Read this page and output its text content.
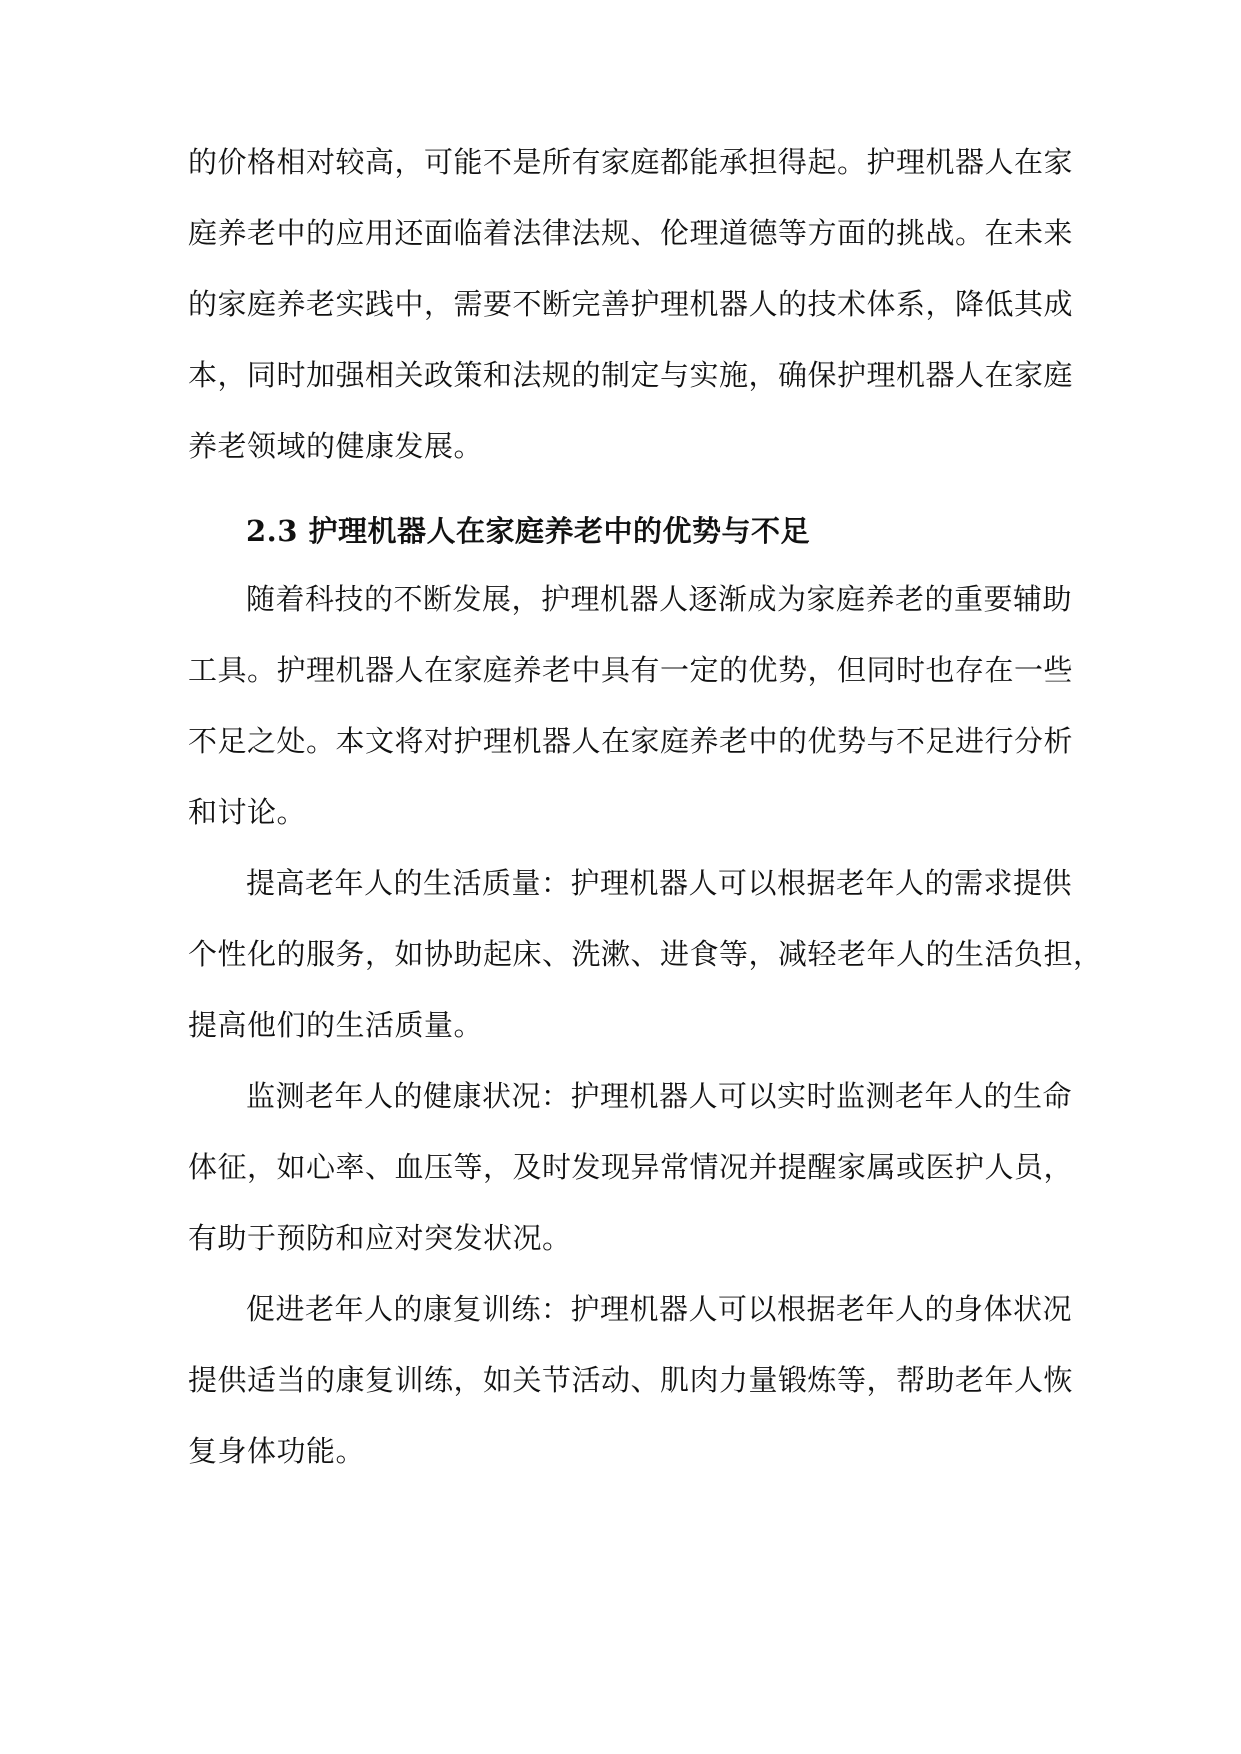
的价格相对较高，可能不是所有家庭都能承担得起。护理机器人在家
庭养老中的应用还面临着法律法规、伦理道德等方面的挑战。在未来
的家庭养老实践中，需要不断完善护理机器人的技术体系，降低其成
本，同时加强相关政策和法规的制定与实施，确保护理机器人在家庭
养老领域的健康发展。
2.3 护理机器人在家庭养老中的优势与不足
随着科技的不断发展，护理机器人逐渐成为家庭养老的重要辅助
工具。护理机器人在家庭养老中具有一定的优势，但同时也存在一些
不足之处。本文将对护理机器人在家庭养老中的优势与不足进行分析
和讨论。
提高老年人的生活质量：护理机器人可以根据老年人的需求提供
个性化的服务，如协助起床、洗漱、进食等，减轻老年人的生活负担，
提高他们的生活质量。
监测老年人的健康状况：护理机器人可以实时监测老年人的生命
体征，如心率、血压等，及时发现异常情况并提醒家属或医护人员，
有助于预防和应对突发状况。
促进老年人的康复训练：护理机器人可以根据老年人的身体状况
提供适当的康复训练，如关节活动、肌肉力量锻炼等，帮助老年人恢
复身体功能。
